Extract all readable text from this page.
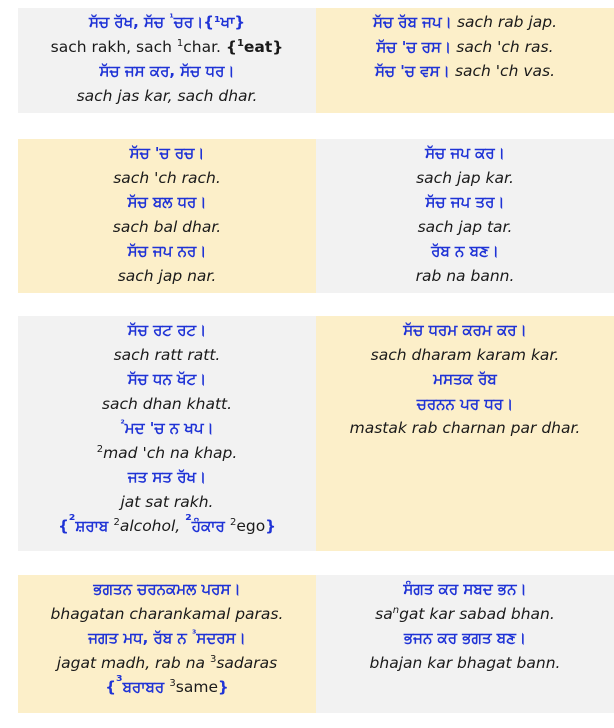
ਸੱਚ ਰੱਖ, ਸੱਚ $^{^1}$ਚਰ।{¹ਖਾ}
sach rakh, sach $^1$char. {$^1$eat}
ਸੱਚ ਜਸ ਕਰ, ਸੱਚ ਧਰ।
sach jas kar, sach dhar.
ਸੱਚ ਰੱਬ ਜਪ। sach rab jap.
ਸੱਚ 'ਚ ਰਸ। sach 'ch ras.
ਸੱਚ 'ਚ ਵਸ। sach 'ch vas.
ਸੱਚ 'ਚ ਰਚ।
sach 'ch rach.
ਸੱਚ ਬਲ ਧਰ।
sach bal dhar.
ਸੱਚ ਜਪ ਨਰ।
sach jap nar.
ਸੱਚ ਜਪ ਕਰ।
sach jap kar.
ਸੱਚ ਜਪ ਤਰ।
sach jap tar.
ਰੱਬ ਨ ਬਣ।
rab na bann.
ਸੱਚ ਰਟ ਰਟ।
sach ratt ratt.
ਸੱਚ ਧਨ ਖੱਟ।
sach dhan khatt.
$^{^2}$ਮਦ 'ਚ ਨ ਖਪ।
$^2$mad 'ch na khap.
ਜਤ ਸਤ ਰੱਖ।
jat sat rakh.
{$^{^2}$ਸ਼ਰਾਬ $^2$alcohol, $^{^2}$ਹੰਕਾਰ $^2$ego}
ਸੱਚ ਧਰਮ ਕਰਮ ਕਰ।
sach dharam karam kar.
ਮਸਤਕ ਰੱਬ
ਚਰਨਨ ਪਰ ਧਰ।
mastak rab charnan par dhar.
ਭਗਤਨ ਚਰਨਕਮਲ ਪਰਸ।
bhagatan charankamal paras.
ਜਗਤ ਮਧ, ਰੱਬ ਨ $^{^3}$ਸਦਰਸ।
jagat madh, rab na $^3$sadaras
{$^{^3}$ਬਰਾਬਰ $^3$same}
ਸੰਗਤ ਕਰ ਸਬਦ ਭਨ।
$sa^ngat$ kar sabad bhan.
ਭਜਨ ਕਰ ਭਗਤ ਬਣ।
bhajan kar bhagat bann.
